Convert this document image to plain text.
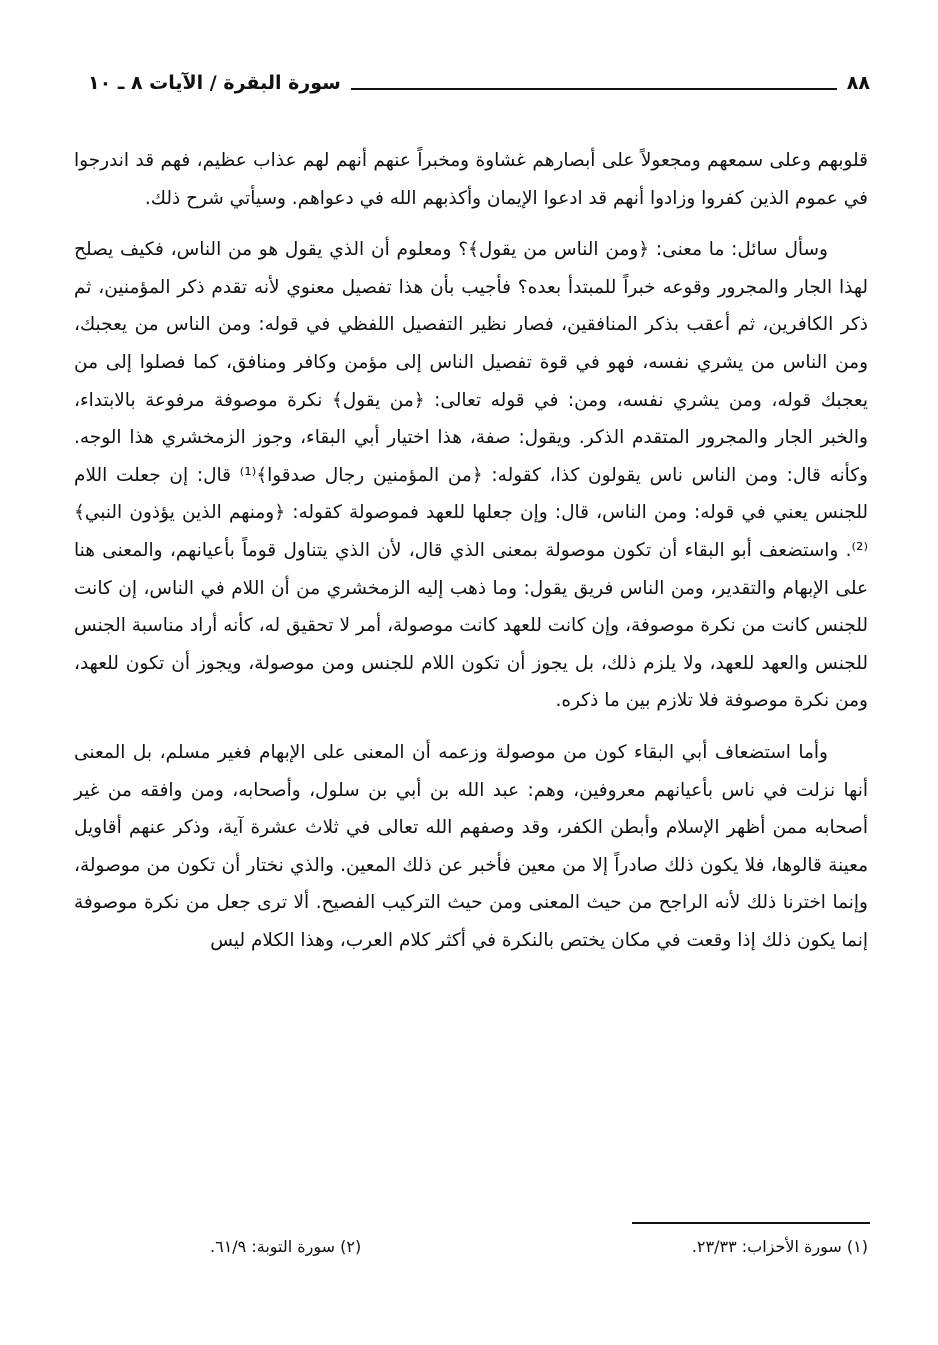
٨٨
سورة البقرة / الآيات ٨ ـ ١٠

قلوبهم وعلى سمعهم ومجعولاً على أبصارهم غشاوة ومخبراً عنهم أنهم لهم عذاب عظيم، فهم قد اندرجوا في عموم الذين كفروا وزادوا أنهم قد ادعوا الإيمان وأكذبهم الله في دعواهم. وسيأتي شرح ذلك.

وسأل سائل: ما معنى: ﴿ومن الناس من يقول﴾؟ ومعلوم أن الذي يقول هو من الناس، فكيف يصلح لهذا الجار والمجرور وقوعه خبراً للمبتدأ بعده؟ فأجيب بأن هذا تفصيل معنوي لأنه تقدم ذكر المؤمنين، ثم ذكر الكافرين، ثم أعقب بذكر المنافقين، فصار نظير التفصيل اللفظي في قوله: ومن الناس من يعجبك، ومن الناس من يشري نفسه، فهو في قوة تفصيل الناس إلى مؤمن وكافر ومنافق، كما فصلوا إلى من يعجبك قوله، ومن يشري نفسه، ومن: في قوله تعالى: ﴿من يقول﴾ نكرة موصوفة مرفوعة بالابتداء، والخبر الجار والمجرور المتقدم الذكر. ويقول: صفة، هذا اختيار أبي البقاء، وجوز الزمخشري هذا الوجه. وكأنه قال: ومن الناس ناس يقولون كذا، كقوله: ﴿من المؤمنين رجال صدقوا﴾⁽¹⁾ قال: إن جعلت اللام للجنس يعني في قوله: ومن الناس، قال: وإن جعلها للعهد فموصولة كقوله: ﴿ومنهم الذين يؤذون النبي﴾⁽²⁾. واستضعف أبو البقاء أن تكون موصولة بمعنى الذي قال، لأن الذي يتناول قوماً بأعيانهم، والمعنى هنا على الإبهام والتقدير، ومن الناس فريق يقول: وما ذهب إليه الزمخشري من أن اللام في الناس، إن كانت للجنس كانت من نكرة موصوفة، وإن كانت للعهد كانت موصولة، أمر لا تحقيق له، كأنه أراد مناسبة الجنس للجنس والعهد للعهد، ولا يلزم ذلك، بل يجوز أن تكون اللام للجنس ومن موصولة، ويجوز أن تكون للعهد، ومن نكرة موصوفة فلا تلازم بين ما ذكره.

وأما استضعاف أبي البقاء كون من موصولة وزعمه أن المعنى على الإبهام فغير مسلم، بل المعنى أنها نزلت في ناس بأعيانهم معروفين، وهم: عبد الله بن أبي بن سلول، وأصحابه، ومن وافقه من غير أصحابه ممن أظهر الإسلام وأبطن الكفر، وقد وصفهم الله تعالى في ثلاث عشرة آية، وذكر عنهم أقاويل معينة قالوها، فلا يكون ذلك صادراً إلا من معين فأخبر عن ذلك المعين. والذي نختار أن تكون من موصولة، وإنما اخترنا ذلك لأنه الراجح من حيث المعنى ومن حيث التركيب الفصيح. ألا ترى جعل من نكرة موصوفة إنما يكون ذلك إذا وقعت في مكان يختص بالنكرة في أكثر كلام العرب، وهذا الكلام ليس

(١) سورة الأحزاب: ٢٣/٣٣.
(٢) سورة التوبة: ٦١/٩.
